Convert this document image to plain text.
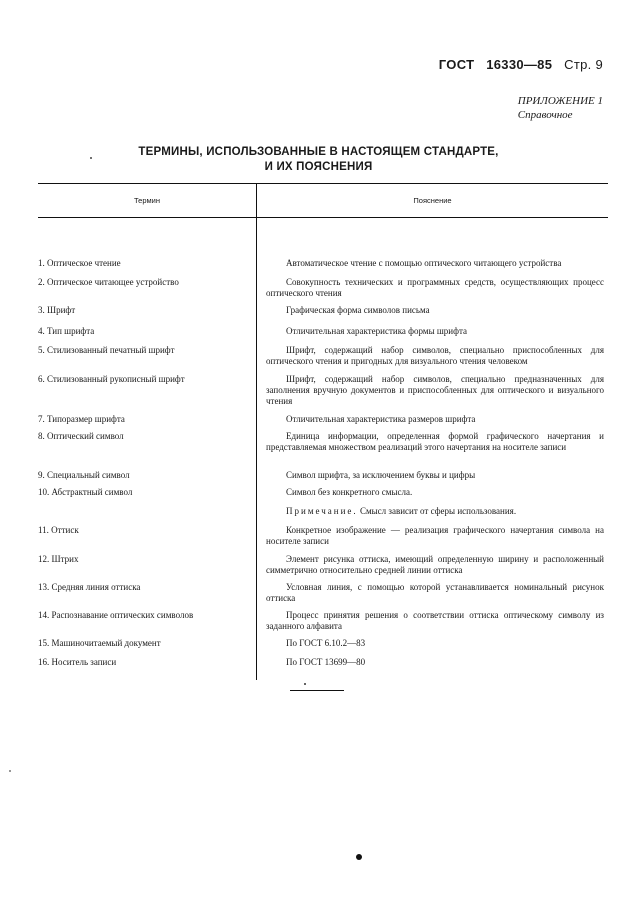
ГОСТ 16330—85 Стр. 9
ПРИЛОЖЕНИЕ 1
Справочное
ТЕРМИНЫ, ИСПОЛЬЗОВАННЫЕ В НАСТОЯЩЕМ СТАНДАРТЕ,
И ИХ ПОЯСНЕНИЯ
Термин	Пояснение
1. Оптическое чтение	Автоматическое чтение с помощью оптического читающего устройства
2. Оптическое читающее устройство	Совокупность технических и программных средств, осуществляющих процесс оптического чтения
3. Шрифт	Графическая форма символов письма
4. Тип шрифта	Отличительная характеристика формы шрифта
5. Стилизованный печатный шрифт	Шрифт, содержащий набор символов, специально приспособленных для оптического чтения и пригодных для визуального чтения человеком
6. Стилизованный рукописный шрифт	Шрифт, содержащий набор символов, специально предназначенных для заполнения вручную документов и приспособленных для оптического и визуального чтения
7. Типоразмер шрифта	Отличительная характеристика размеров шрифта
8. Оптический символ	Единица информации, определенная формой графического начертания и представляемая множеством реализаций этого начертания на носителе записи
9. Специальный символ	Символ шрифта, за исключением буквы и цифры
10. Абстрактный символ	Символ без конкретного смысла.
Примечание. Смысл зависит от сферы использования.
11. Оттиск	Конкретное изображение — реализация графического начертания символа на носителе записи
12. Штрих	Элемент рисунка оттиска, имеющий определенную ширину и расположенный симметрично относительно средней линии оттиска
13. Средняя линия оттиска	Условная линия, с помощью которой устанавливается номинальный рисунок оттиска
14. Распознавание оптических символов	Процесс принятия решения о соответствии оттиска оптическому символу из заданного алфавита
15. Машиночитаемый документ	По ГОСТ 6.10.2—83
16. Носитель записи	По ГОСТ 13699—80
